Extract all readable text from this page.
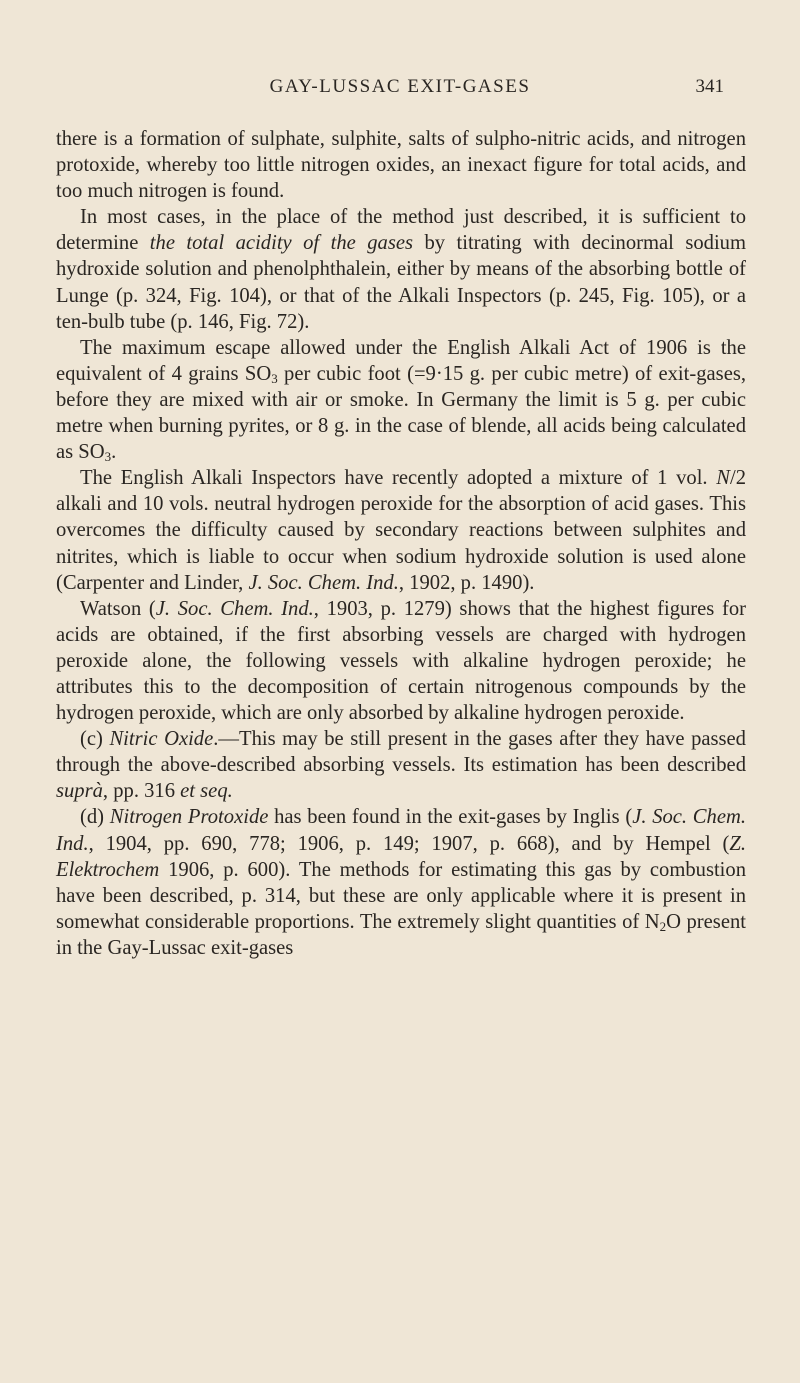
GAY-LUSSAC EXIT-GASES	341

there is a formation of sulphate, sulphite, salts of sulpho-nitric acids, and nitrogen protoxide, whereby too little nitrogen oxides, an inexact figure for total acids, and too much nitrogen is found.

In most cases, in the place of the method just described, it is sufficient to determine the total acidity of the gases by titrating with decinormal sodium hydroxide solution and phenolphthalein, either by means of the absorbing bottle of Lunge (p. 324, Fig. 104), or that of the Alkali Inspectors (p. 245, Fig. 105), or a ten-bulb tube (p. 146, Fig. 72).

The maximum escape allowed under the English Alkali Act of 1906 is the equivalent of 4 grains $SO_3$ per cubic foot (=9·15 g. per cubic metre) of exit-gases, before they are mixed with air or smoke. In Germany the limit is 5 g. per cubic metre when burning pyrites, or 8 g. in the case of blende, all acids being calculated as $SO_3$.

The English Alkali Inspectors have recently adopted a mixture of 1 vol. N/2 alkali and 10 vols. neutral hydrogen peroxide for the absorption of acid gases. This overcomes the difficulty caused by secondary reactions between sulphites and nitrites, which is liable to occur when sodium hydroxide solution is used alone (Carpenter and Linder, J. Soc. Chem. Ind., 1902, p. 1490).

Watson (J. Soc. Chem. Ind., 1903, p. 1279) shows that the highest figures for acids are obtained, if the first absorbing vessels are charged with hydrogen peroxide alone, the following vessels with alkaline hydrogen peroxide; he attributes this to the decomposition of certain nitrogenous compounds by the hydrogen peroxide, which are only absorbed by alkaline hydrogen peroxide.

(c) Nitric Oxide.—This may be still present in the gases after they have passed through the above-described absorbing vessels. Its estimation has been described suprà, pp. 316 et seq.

(d) Nitrogen Protoxide has been found in the exit-gases by Inglis (J. Soc. Chem. Ind., 1904, pp. 690, 778; 1906, p. 149; 1907, p. 668), and by Hempel (Z. Elektrochem 1906, p. 600). The methods for estimating this gas by combustion have been described, p. 314, but these are only applicable where it is present in somewhat considerable proportions. The extremely slight quantities of $N_2O$ present in the Gay-Lussac exit-gases
